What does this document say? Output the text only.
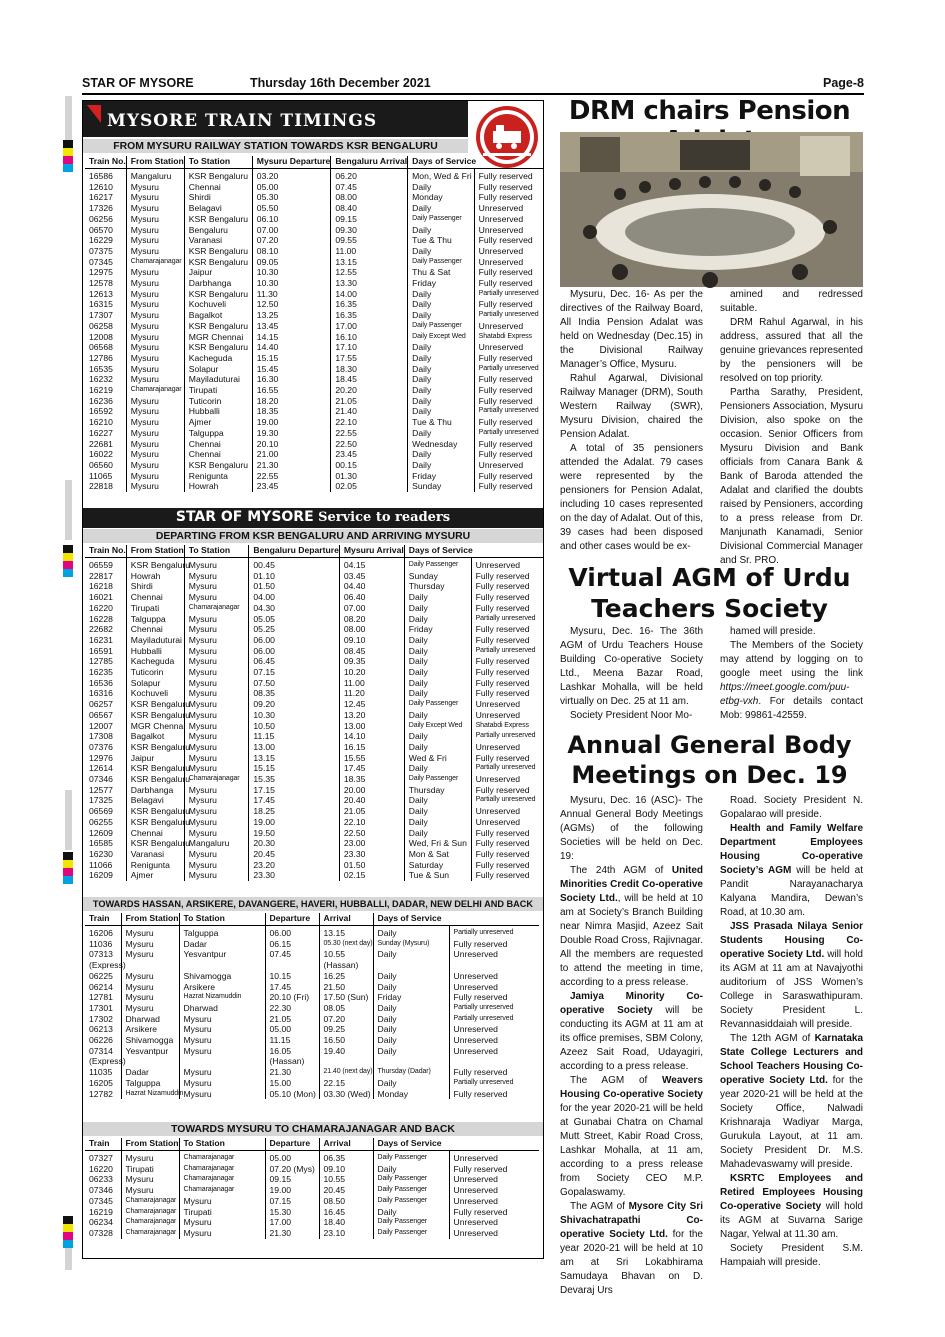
STAR OF MYSORE	Thursday 16th December 2021	Page-8
MYSORE TRAIN TIMINGS
FROM MYSURU RAILWAY STATION TOWARDS KSR BENGALURU
Train No.	From Station	To Station	Mysuru Departure	Bengaluru Arrival	Days of Service	

16586	Mangaluru	KSR Bengaluru	03.20	06.20	Mon, Wed & Fri	Fully reserved
12610	Mysuru	Chennai	05.00	07.45	Daily	Fully reserved
16217	Mysuru	Shirdi	05.30	08.00	Monday	Fully reserved
17326	Mysuru	Belagavi	05.50	08.40	Daily	Unreserved
06256	Mysuru	KSR Bengaluru	06.10	09.15	Daily Passenger	Unreserved
06570	Mysuru	Bengaluru	07.00	09.30	Daily	Unreserved
16229	Mysuru	Varanasi	07.20	09.55	Tue & Thu	Fully reserved
07375	Mysuru	KSR Bengaluru	08.10	11.00	Daily	Unreserved
07345	Chamarajanagar	KSR Bengaluru	09.05	13.15	Daily Passenger	Unreserved
12975	Mysuru	Jaipur	10.30	12.55	Thu & Sat	Fully reserved
12578	Mysuru	Darbhanga	10.30	13.30	Friday	Fully reserved
12613	Mysuru	KSR Bengaluru	11.30	14.00	Daily	Partially unreserved
16315	Mysuru	Kochuveli	12.50	16.35	Daily	Fully reserved
17307	Mysuru	Bagalkot	13.25	16.35	Daily	Partially unreserved
06258	Mysuru	KSR Bengaluru	13.45	17.00	Daily Passenger	Unreserved
12008	Mysuru	MGR Chennai	14.15	16.10	Daily Except Wed	Shatabdi Express
06568	Mysuru	KSR Bengaluru	14.40	17.10	Daily	Unreserved
12786	Mysuru	Kacheguda	15.15	17.55	Daily	Fully reserved
16535	Mysuru	Solapur	15.45	18.30	Daily	Partially unreserved
16232	Mysuru	Mayiladuturai	16.30	18.45	Daily	Fully reserved
16219	Chamarajanagar	Tirupati	16.55	20.20	Daily	Fully reserved
16236	Mysuru	Tuticorin	18.20	21.05	Daily	Fully reserved
16592	Mysuru	Hubballi	18.35	21.40	Daily	Partially unreserved
16210	Mysuru	Ajmer	19.00	22.10	Tue & Thu	Fully reserved
16227	Mysuru	Talguppa	19.30	22.55	Daily	Partially unreserved
22681	Mysuru	Chennai	20.10	22.50	Wednesday	Fully reserved
16022	Mysuru	Chennai	21.00	23.45	Daily	Fully reserved
06560	Mysuru	KSR Bengaluru	21.30	00.15	Daily	Unreserved
11065	Mysuru	Renigunta	22.55	01.30	Friday	Fully reserved
22818	Mysuru	Howrah	23.45	02.05	Sunday	Fully reserved
STAR OF MYSORE Service to readers
DEPARTING FROM KSR BENGALURU AND ARRIVING MYSURU
Train No.	From Station	To Station	Bengaluru Departure	Mysuru Arrival	Days of Service	

06559	KSR Bengaluru	Mysuru	00.45	04.15	Daily Passenger	Unreserved
22817	Howrah	Mysuru	01.10	03.45	Sunday	Fully reserved
16218	Shirdi	Mysuru	01.50	04.40	Thursday	Fully reserved
16021	Chennai	Mysuru	04.00	06.40	Daily	Fully reserved
16220	Tirupati	Chamarajanagar	04.30	07.00	Daily	Fully reserved
16228	Talguppa	Mysuru	05.05	08.20	Daily	Partially unreserved
22682	Chennai	Mysuru	05.25	08.00	Friday	Fully reserved
16231	Mayiladuturai	Mysuru	06.00	09.10	Daily	Fully reserved
16591	Hubballi	Mysuru	06.00	08.45	Daily	Partially unreserved
12785	Kacheguda	Mysuru	06.45	09.35	Daily	Fully reserved
16235	Tuticorin	Mysuru	07.15	10.20	Daily	Fully reserved
16536	Solapur	Mysuru	07.50	11.00	Daily	Fully reserved
16316	Kochuveli	Mysuru	08.35	11.20	Daily	Fully reserved
06257	KSR Bengaluru	Mysuru	09.20	12.45	Daily Passenger	Unreserved
06567	KSR Bengaluru	Mysuru	10.30	13.20	Daily	Unreserved
12007	MGR Chennai	Mysuru	10.50	13.00	Daily Except Wed	Shatabdi Express
17308	Bagalkot	Mysuru	11.15	14.10	Daily	Partially unreserved
07376	KSR Bengaluru	Mysuru	13.00	16.15	Daily	Unreserved
12976	Jaipur	Mysuru	13.15	15.55	Wed & Fri	Fully reserved
12614	KSR Bengaluru	Mysuru	15.15	17.45	Daily	Partially unreserved
07346	KSR Bengaluru	Chamarajanagar	15.35	18.35	Daily Passenger	Unreserved
12577	Darbhanga	Mysuru	17.15	20.00	Thursday	Fully reserved
17325	Belagavi	Mysuru	17.45	20.40	Daily	Partially unreserved
06569	KSR Bengaluru	Mysuru	18.25	21.05	Daily	Unreserved
06255	KSR Bengaluru	Mysuru	19.00	22.10	Daily	Unreserved
12609	Chennai	Mysuru	19.50	22.50	Daily	Fully reserved
16585	KSR Bengaluru	Mangaluru	20.30	23.00	Wed, Fri & Sun	Fully reserved
16230	Varanasi	Mysuru	20.45	23.30	Mon & Sat	Fully reserved
11066	Renigunta	Mysuru	23.20	01.50	Saturday	Fully reserved
16209	Ajmer	Mysuru	23.30	02.15	Tue & Sun	Fully reserved
TOWARDS HASSAN, ARSIKERE, DAVANGERE, HAVERI, HUBBALLI, DADAR, NEW DELHI AND BACK
Train	From Station	To Station	Departure	Arrival	Days of Service	

16206	Mysuru	Talguppa	06.00	13.15	Daily	Partially unreserved
11036	Mysuru	Dadar	06.15	05.30 (next day)	Sunday (Mysuru)	Fully reserved
07313	Mysuru	Yesvantpur	07.45	10.55	Daily	Unreserved
(Express)				(Hassan)		
06225	Mysuru	Shivamogga	10.15	16.25	Daily	Unreserved
06214	Mysuru	Arsikere	17.45	21.50	Daily	Unreserved
12781	Mysuru	Hazrat Nizamuddin	20.10 (Fri)	17.50 (Sun)	Friday	Fully reserved
17301	Mysuru	Dharwad	22.30	08.05	Daily	Partially unreserved
17302	Dharwad	Mysuru	21.05	07.20	Daily	Partially unreserved
06213	Arsikere	Mysuru	05.00	09.25	Daily	Unreserved
06226	Shivamogga	Mysuru	11.15	16.50	Daily	Unreserved
07314	Yesvantpur	Mysuru	16.05	19.40	Daily	Unreserved
(Express)			(Hassan)			
11035	Dadar	Mysuru	21.30	21.40 (next day)	Thursday (Dadar)	Fully reserved
16205	Talguppa	Mysuru	15.00	22.15	Daily	Partially unreserved
12782	Hazrat Nizamuddin	Mysuru	05.10 (Mon)	03.30 (Wed)	Monday	Fully reserved
TOWARDS MYSURU TO CHAMARAJANAGAR AND BACK
Train	From Station	To Station	Departure	Arrival	Days of Service	

07327	Mysuru	Chamarajanagar	05.00	06.35	Daily Passenger	Unreserved
16220	Tirupati	Chamarajanagar	07.20 (Mys)	09.10	Daily	Fully reserved
06233	Mysuru	Chamarajanagar	09.15	10.55	Daily Passenger	Unreserved
07346	Mysuru	Chamarajanagar	19.00	20.45	Daily Passenger	Unreserved
07345	Chamarajanagar	Mysuru	07.15	08.50	Daily Passenger	Unreserved
16219	Chamarajanagar	Tirupati	15.30	16.45	Daily	Fully reserved
06234	Chamarajanagar	Mysuru	17.00	18.40	Daily Passenger	Unreserved
07328	Chamarajanagar	Mysuru	21.30	23.10	Daily Passenger	Unreserved
DRM chairs Pension

Mysuru, Dec. 16- As per the directives of the Railway Board, All India Pension Adalat was held on Wednesday (Dec.15) in the Divisional Railway Manager’s Office, Mysuru.

Rahul Agarwal, Divisional Railway Manager (DRM), South Western Railway (SWR), Mysuru Division, chaired the Pension Adalat.

A total of 35 pensioners attended the Adalat. 79 cases were represented by the pensioners for Pension Adalat, including 10 cases represented on the day of Adalat. Out of this, 39 cases had been disposed and other cases would be ex-

amined and redressed suitable.

DRM Rahul Agarwal, in his address, assured that all the genuine grievances represented by the pensioners will be resolved on top priority.

Partha Sarathy, President, Pensioners Association, Mysuru Division, also spoke on the occasion. Senior Officers from Mysuru Division and Bank officials from Canara Bank & Bank of Baroda attended the Adalat and clarified the doubts raised by Pensioners, according to a press release from Dr. Manjunath Kanamadi, Senior Divisional Commercial Manager and Sr. PRO.

Virtual AGM of Urdu
Teachers Society

Mysuru, Dec. 16- The 36th AGM of Urdu Teachers House Building Co-operative Society Ltd., Meena Bazar Road, Lashkar Mohalla, will be held virtually on Dec. 25 at 11 am.

Society President Noor Mo-

hamed will preside.

The Members of the Society may attend by logging on to google meet using the link https://meet.google.com/puu-etbg-vxh. For details contact Mob: 99861-42559.

Annual General Body
Meetings on Dec. 19

Mysuru, Dec. 16 (ASC)- The Annual General Body Meetings (AGMs) of the following Societies will be held on Dec. 19:

The 24th AGM of United Minorities Credit Co-operative Society Ltd., will be held at 10 am at Society’s Branch Building near Nimra Masjid, Azeez Sait Double Road Cross, Rajivnagar. All the members are requested to attend the meeting in time, according to a press release.

Jamiya Minority Co-operative Society will be conducting its AGM at 11 am at its office premises, SBM Colony, Azeez Sait Road, Udayagiri, according to a press release.

The AGM of Weavers Housing Co-operative Society for the year 2020-21 will be held at Gunabai Chatra on Chamal Mutt Street, Kabir Road Cross, Lashkar Mohalla, at 11 am, according to a press release from Society CEO M.P. Gopalaswamy.

The AGM of Mysore City Sri Shivachatrapathi Co-operative Society Ltd. for the year 2020-21 will be held at 10 am at Sri Lokabhirama Samudaya Bhavan on D. Devaraj Urs

Road. Society President N. Gopalarao will preside.

Health and Family Welfare Department Employees Housing Co-operative Society’s AGM will be held at Pandit Narayanacharya Kalyana Mandira, Dewan’s Road, at 10.30 am.

JSS Prasada Nilaya Senior Students Housing Co-operative Society Ltd. will hold its AGM at 11 am at Navajyothi auditorium of JSS Women’s College in Saraswathipuram. Society President L. Revannasiddaiah will preside.

The 12th AGM of Karnataka State College Lecturers and School Teachers Housing Co-operative Society Ltd. for the year 2020-21 will be held at the Society Office, Nalwadi Krishnaraja Wadiyar Marga, Gurukula Layout, at 11 am. Society President Dr. M.S. Mahadevaswamy will preside.

KSRTC Employees and Retired Employees Housing Co-operative Society will hold its AGM at Suvarna Sarige Nagar, Yelwal at 11.30 am.

Society President S.M. Hampaiah will preside.
